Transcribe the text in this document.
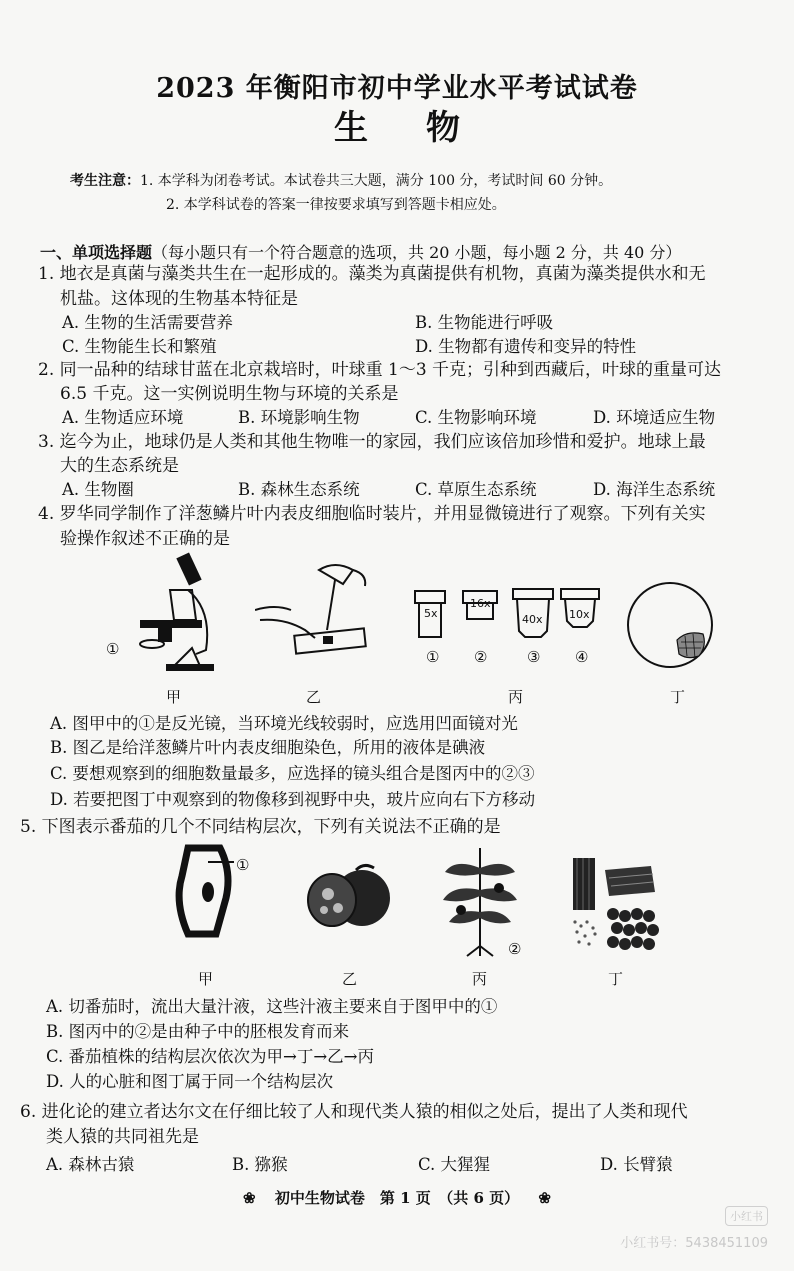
2023 年衡阳市初中学业水平考试试卷
生物
考生注意：1. 本学科为闭卷考试。本试卷共三大题，满分 100 分，考试时间 60 分钟。
2. 本学科试卷的答案一律按要求填写到答题卡相应处。
一、单项选择题（每小题只有一个符合题意的选项，共 20 小题，每小题 2 分，共 40 分）
1. 地衣是真菌与藻类共生在一起形成的。藻类为真菌提供有机物，真菌为藻类提供水和无
机盐。这体现的生物基本特征是
A. 生物的生活需要营养	B. 生物能进行呼吸
C. 生物能生长和繁殖	D. 生物都有遗传和变异的特性
2. 同一品种的结球甘蓝在北京栽培时，叶球重 1～3 千克；引种到西藏后，叶球的重量可达
6.5 千克。这一实例说明生物与环境的关系是
A. 生物适应环境	B. 环境影响生物	C. 生物影响环境	D. 环境适应生物
3. 迄今为止，地球仍是人类和其他生物唯一的家园，我们应该倍加珍惜和爱护。地球上最
大的生态系统是
A. 生物圈	B. 森林生态系统	C. 草原生态系统	D. 海洋生态系统
4. 罗华同学制作了洋葱鳞片叶内表皮细胞临时装片，并用显微镜进行了观察。下列有关实
验操作叙述不正确的是
①
5x
16x
40x 10x
① ②	③ ④
甲	乙	丙	丁
A. 图甲中的①是反光镜，当环境光线较弱时，应选用凹面镜对光
B. 图乙是给洋葱鳞片叶内表皮细胞染色，所用的液体是碘液
C. 要想观察到的细胞数量最多，应选择的镜头组合是图丙中的②③
D. 若要把图丁中观察到的物像移到视野中央，玻片应向右下方移动
5. 下图表示番茄的几个不同结构层次，下列有关说法不正确的是
①
②
甲	乙	丙	丁
A. 切番茄时，流出大量汁液，这些汁液主要来自于图甲中的①
B. 图丙中的②是由种子中的胚根发育而来
C. 番茄植株的结构层次依次为甲→丁→乙→丙
D. 人的心脏和图丁属于同一个结构层次
6. 进化论的建立者达尔文在仔细比较了人和现代类人猿的相似之处后，提出了人类和现代
类人猿的共同祖先是
A. 森林古猿	B. 猕猴	C. 大猩猩	D. 长臂猿
❀ 初中生物试卷　第 1 页　（共 6 页） ❀
小红书
小红书号：5438451109
